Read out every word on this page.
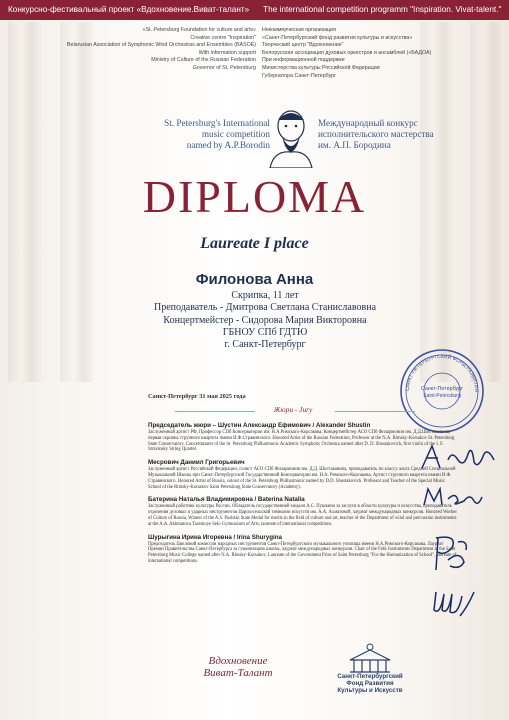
Конкурсно-фестивальный проект «Вдохновение.Виват-талант» The international competition programm "Inspiration. Vivat-talent."
«St. Petersburg Foundation for culture and arts»
Creative centre "Inspiration"
Belarusian Association of Symphonic Wind Orchestras and Ensembles (BASOE)
With information support
Ministry of Culture of the Russian Federation
Governor of St. Petersburg
Некоммерческая организация
«Санкт-Петербургский фонд развития культуры и искусства»
Творческий центр "Вдохновение"
Белорусская ассоциация духовых оркестров и ансамблей («БАДОА)
При информационной поддержке
Министерства культуры Российской Федерации
Губернатора Санкт-Петербург
St. Petersburg's International
music competition
named by A.P.Borodin
Международный конкурс
исполнительского мастерства
им. А.П. Бородина
DIPLOMA
Laureate I place
Филонова Анна
Скрипка, 11 лет
Преподаватель - Дмитрова Светлана Станиславовна
Концертмейстер - Сидорова Мария Викторовна
ГБНОУ СПб ГДТЮ
г. Санкт-Петербург
САНКТ-ПЕТЕРБУРГСКИЙ ФОНД РАЗВИТИЯ
Санкт-Петербург
Saint-Petersburg
Санкт-Петербург 31 мая 2025 года
Жюри - Jury
Председатель жюри – Шустин Александр Ефимович / Alexander Shustin
Заслуженный артист РФ, Профессор СПб Консерватории им. Н.А.Римского-Корсакова, Концертмейстер АСО СПб Филармонии им. Д.Д.Шостаковича, первая скрипка струнного квартета имени И.Ф.Стравинского. Honored Artist of the Russian Federation, Professor at the N.A. Rimsky-Korsakov St. Petersburg State Conservatory. Concertmaster of the St. Petersburg Philharmonic Academic Symphony Orchestra named after D. D. Shostakovich, first violin of the I. F. Stravinsky String Quartet.
Месрович Даниил Григорьевич
Заслуженный артист Российской Федерации, солист АСО СПб Филармонии им. Д.Д. Шостаковича, преподаватель по классу альта Средней Специальной Музыкальной Школы при Санкт-Петербургской Государственной Консерватории им. Н.А. Римского-Корсакова, Артист струнного квартета имени И.Ф. Стравинского. Honored Artist of Russia, soloist of the St. Petersburg Philharmonic named by D.D. Shostakovich. Professor and Teacher of the Special Music School of the Rimsky-Korsakov Saint Petersburg State Conservatory (Academy).
Батерина Наталья Владимировна / Baterina Natalia
Заслуженный работник культуры России, Обладатель государственной медали А.С. Пушкина за заслуги в области культуры и искусства, преподаватель отделения духовых и ударных инструментов Царскосельской гимназии искусств им. А.А. Ахматовой, лауреат международных конкурсов. Honored Worker of Culture of Russia, Winner of the A.S. Pushkin State Medal for merits in the field of culture and art, teacher of the Department of wind and percussion instruments at the A.A. Akhmatova Tsarskoye Selo Gymnasium of Arts, laureate of international competitions.
Шурыгина Ирина Игоревна / Irina Shurygina
Председатель Цикловой комиссии народных инструментов Санкт-Петербургского музыкального училища имени Н.А.Римского-Корсакова. Лауреат Премии Правительства Санкт-Петербурга за гуманизацию школы, лауреат международных конкурсов. Chair of the Folk Instruments Department at the Saint Petersburg Music College named after N.A. Rimsky-Korsakov, Laureate of the Government Prize of Saint Petersburg "For the Humanization of School", laureate of international competitions.
Вдохновение
Виват-Талант	Санкт-Петербургский
Фонд Развития
Культуры и Искусств
